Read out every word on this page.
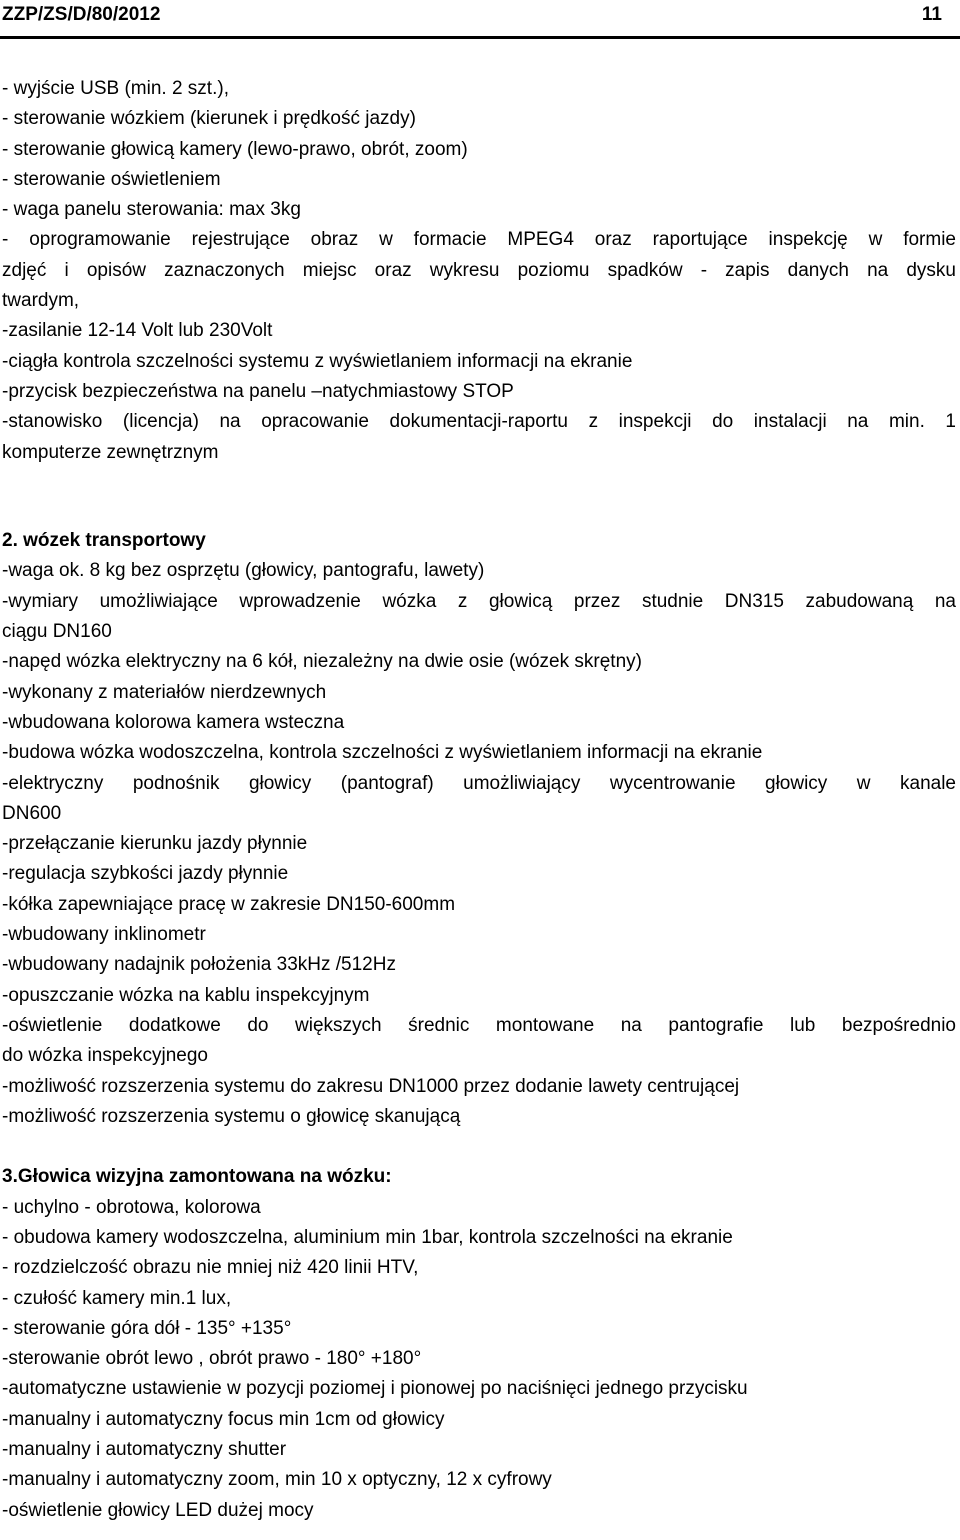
ZZP/ZS/D/80/2012	11
- wyjście USB (min. 2 szt.),
- sterowanie wózkiem (kierunek i prędkość jazdy)
- sterowanie głowicą kamery (lewo-prawo, obrót, zoom)
- sterowanie oświetleniem
- waga panelu sterowania: max 3kg
- oprogramowanie rejestrujące obraz w formacie MPEG4 oraz raportujące inspekcję w formie
zdjęć i opisów zaznaczonych miejsc oraz wykresu poziomu spadków - zapis danych na dysku
twardym,
-zasilanie 12-14 Volt lub 230Volt
-ciągła kontrola szczelności systemu z wyświetlaniem informacji na ekranie
-przycisk bezpieczeństwa na panelu –natychmiastowy STOP
-stanowisko (licencja) na opracowanie dokumentacji-raportu z inspekcji do instalacji na min. 1
komputerze zewnętrznym
2. wózek transportowy
-waga ok. 8 kg bez osprzętu (głowicy, pantografu, lawety)
-wymiary umożliwiające wprowadzenie wózka z głowicą przez studnie DN315 zabudowaną na
ciągu DN160
-napęd wózka elektryczny na 6 kół, niezależny na dwie osie (wózek skrętny)
-wykonany z materiałów nierdzewnych
-wbudowana kolorowa kamera wsteczna
-budowa wózka wodoszczelna, kontrola szczelności z wyświetlaniem informacji na ekranie
-elektryczny podnośnik głowicy (pantograf) umożliwiający wycentrowanie głowicy w kanale
DN600
-przełączanie kierunku jazdy płynnie
-regulacja szybkości jazdy płynnie
-kółka zapewniające pracę w zakresie DN150-600mm
-wbudowany inklinometr
-wbudowany nadajnik położenia 33kHz /512Hz
-opuszczanie wózka na kablu inspekcyjnym
-oświetlenie dodatkowe do większych średnic montowane na pantografie lub bezpośrednio
do wózka inspekcyjnego
-możliwość rozszerzenia systemu do zakresu DN1000 przez dodanie lawety centrującej
-możliwość rozszerzenia systemu o głowicę skanującą
3.Głowica wizyjna zamontowana na wózku:
- uchylno - obrotowa, kolorowa
- obudowa kamery wodoszczelna, aluminium min 1bar, kontrola szczelności na ekranie
- rozdzielczość obrazu nie mniej niż 420 linii HTV,
- czułość kamery min.1 lux,
- sterowanie góra dół - 135° +135°
-sterowanie obrót lewo , obrót prawo - 180° +180°
-automatyczne ustawienie w pozycji poziomej i pionowej po naciśnięci jednego przycisku
-manualny i automatyczny focus min 1cm od głowicy
-manualny i automatyczny shutter
-manualny i automatyczny zoom, min 10 x optyczny, 12 x cyfrowy
-oświetlenie głowicy LED dużej mocy
